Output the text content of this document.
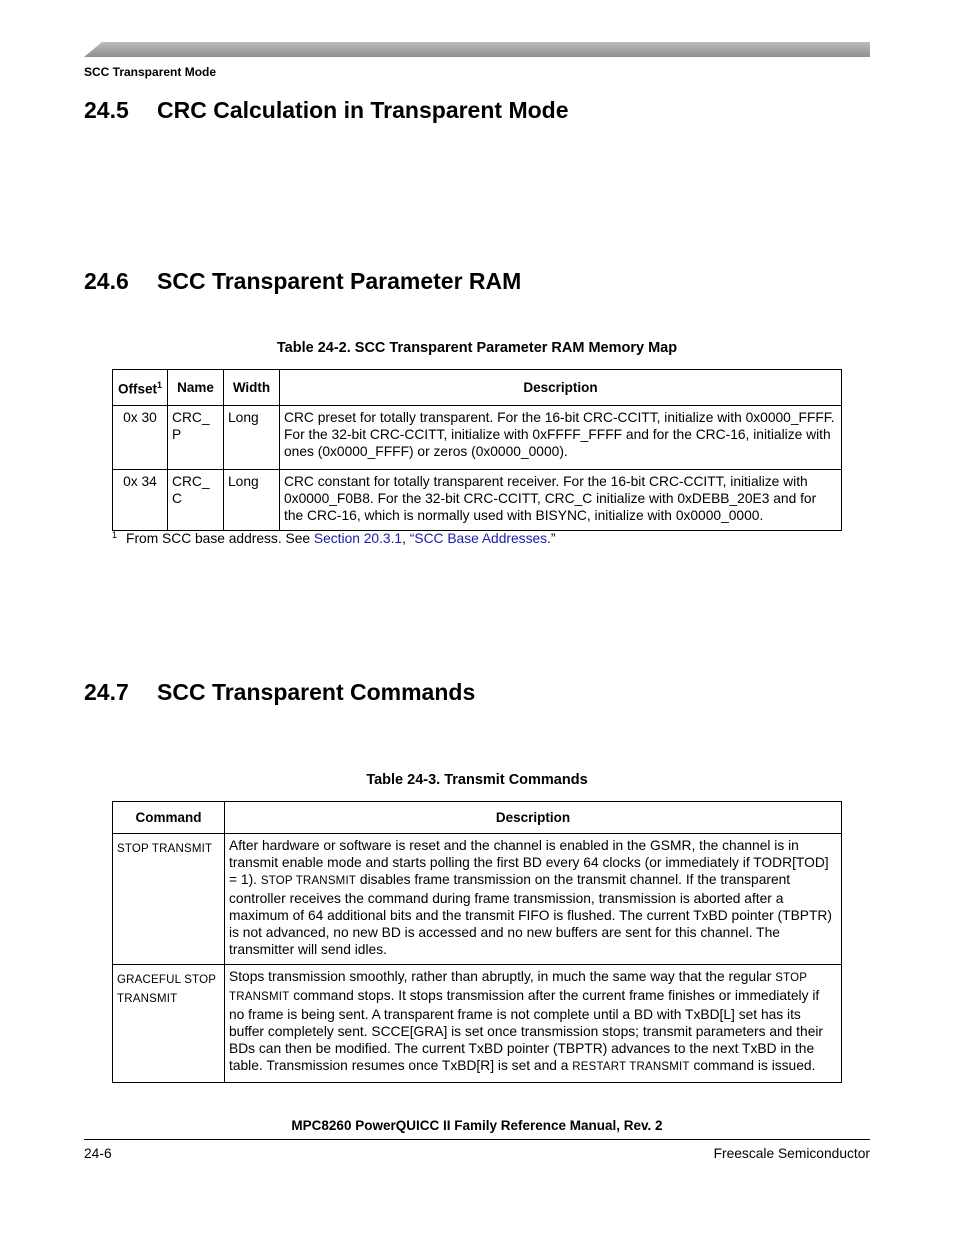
SCC Transparent Mode
24.5 CRC Calculation in Transparent Mode
24.6 SCC Transparent Parameter RAM
Table 24-2. SCC Transparent Parameter RAM Memory Map
Offset$^1$	Name	Width	Description
0x 30	CRC_ P	Long	CRC preset for totally transparent. For the 16-bit CRC-CCITT, initialize with 0x0000_FFFF. For the 32-bit CRC-CCITT, initialize with 0xFFFF_FFFF and for the CRC-16, initialize with ones (0x0000_FFFF) or zeros (0x0000_0000).
0x 34	CRC_ C	Long	CRC constant for totally transparent receiver. For the 16-bit CRC-CCITT, initialize with 0x0000_F0B8. For the 32-bit CRC-CCITT, CRC_C initialize with 0xDEBB_20E3 and for the CRC-16, which is normally used with BISYNC, initialize with 0x0000_0000.
$^1$ From SCC base address. See Section 20.3.1, “SCC Base Addresses.”
24.7 SCC Transparent Commands
Table 24-3. Transmit Commands
Command	Description
STOP TRANSMIT	After hardware or software is reset and the channel is enabled in the GSMR, the channel is in transmit enable mode and starts polling the first BD every 64 clocks (or immediately if TODR[TOD] = 1). STOP TRANSMIT disables frame transmission on the transmit channel. If the transparent controller receives the command during frame transmission, transmission is aborted after a maximum of 64 additional bits and the transmit FIFO is flushed. The current TxBD pointer (TBPTR) is not advanced, no new BD is accessed and no new buffers are sent for this channel. The transmitter will send idles.
GRACEFUL STOP TRANSMIT	Stops transmission smoothly, rather than abruptly, in much the same way that the regular STOP TRANSMIT command stops. It stops transmission after the current frame finishes or immediately if no frame is being sent. A transparent frame is not complete until a BD with TxBD[L] set has its buffer completely sent. SCCE[GRA] is set once transmission stops; transmit parameters and their BDs can then be modified. The current TxBD pointer (TBPTR) advances to the next TxBD in the table. Transmission resumes once TxBD[R] is set and a RESTART TRANSMIT command is issued.
MPC8260 PowerQUICC II Family Reference Manual, Rev. 2
24-6	Freescale Semiconductor
